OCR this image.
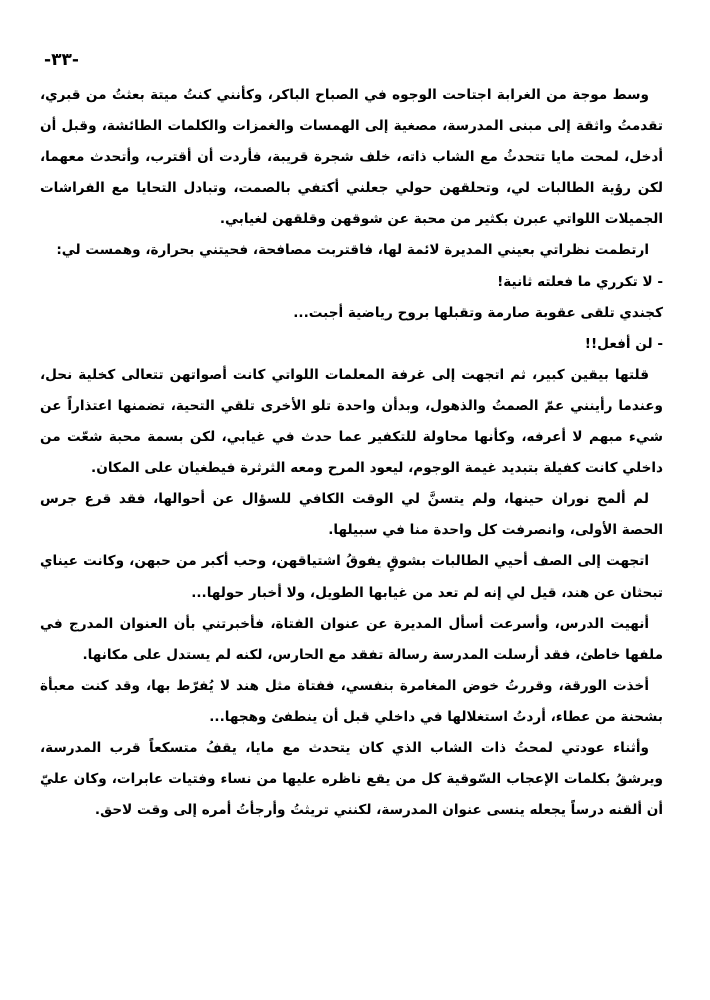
-٣٣-

وسط موجة من الغرابة اجتاحت الوجوه في الصباح الباكر، وكأنني كنتُ ميتة بعثتُ من قبري، تقدمتُ واثقة إلى مبنى المدرسة، مصغية إلى الهمسات والغمزات والكلمات الطائشة، وقبل أن أدخل، لمحت مايا تتحدثُ مع الشاب ذاته، خلف شجرة قريبة، فأردت أن أقترب، وأتحدث معهما، لكن رؤية الطالبات لي، وتحلقهن حولي جعلني أكتفي بالصمت، وتبادل التحايا مع الفراشات الجميلات اللواتي عبرن بكثير من محبة عن شوقهن وقلقهن لغيابي.

ارتطمت نظراتي بعيني المديرة لائمة لها، فاقتربت مصافحة، فحيتني بحرارة، وهمست لي:

- لا تكرري ما فعلته ثانية!

كجندي تلقى عقوبة صارمة وتقبلها بروح رياضية أجبت...

- لن أفعل!!

قلتها بيقين كبير، ثم اتجهت إلى غرفة المعلمات اللواتي كانت أصواتهن تتعالى كخلية نحل، وعندما رأينني عمّ الصمتُ والذهول، وبدأن واحدة تلو الأخرى تلقي التحية، تضمنها اعتذاراً عن شيء مبهم لا أعرفه، وكأنها محاولة للتكفير عما حدث في غيابي، لكن بسمة محبة شعّت من داخلي كانت كفيلة بتبديد غيمة الوجوم، ليعود المرح ومعه الثرثرة فيطغيان على المكان.

لم ألمح نوران حينها، ولم يتسنَّ لي الوقت الكافي للسؤال عن أحوالها، فقد قرع جرس الحصة الأولى، وانصرفت كل واحدة منا في سبيلها.

اتجهت إلى الصف أحيي الطالبات بشوقٍ يفوقُ اشتياقهن، وحب أكبر من حبهن، وكانت عيناي تبحثان عن هند، قيل لي إنه لم تعد من غيابها الطويل، ولا أخبار حولها...

أنهيت الدرس، وأسرعت أسأل المديرة عن عنوان الفتاة، فأخبرتني بأن العنوان المدرج في ملفها خاطئ، فقد أرسلت المدرسة رسالة تفقد مع الحارس، لكنه لم يستدل على مكانها.

أخذت الورقة، وقررتُ خوض المغامرة بنفسي، ففتاة مثل هند لا يُفرّط بها، وقد كنت معبأة بشحنة من عطاء، أردتُ استغلالها في داخلي قبل أن ينطفئ وهجها...

وأثناء عودتي لمحتُ ذات الشاب الذي كان يتحدث مع مايا، يقفُ متسكعاً قرب المدرسة، ويرشقُ بكلمات الإعجاب السّوقية كل من يقع ناظره عليها من نساء وفتيات عابرات، وكان عليّ أن ألقنه درساً يجعله ينسى عنوان المدرسة، لكنني تريثتُ وأرجأتُ أمره إلى وقت لاحق.
